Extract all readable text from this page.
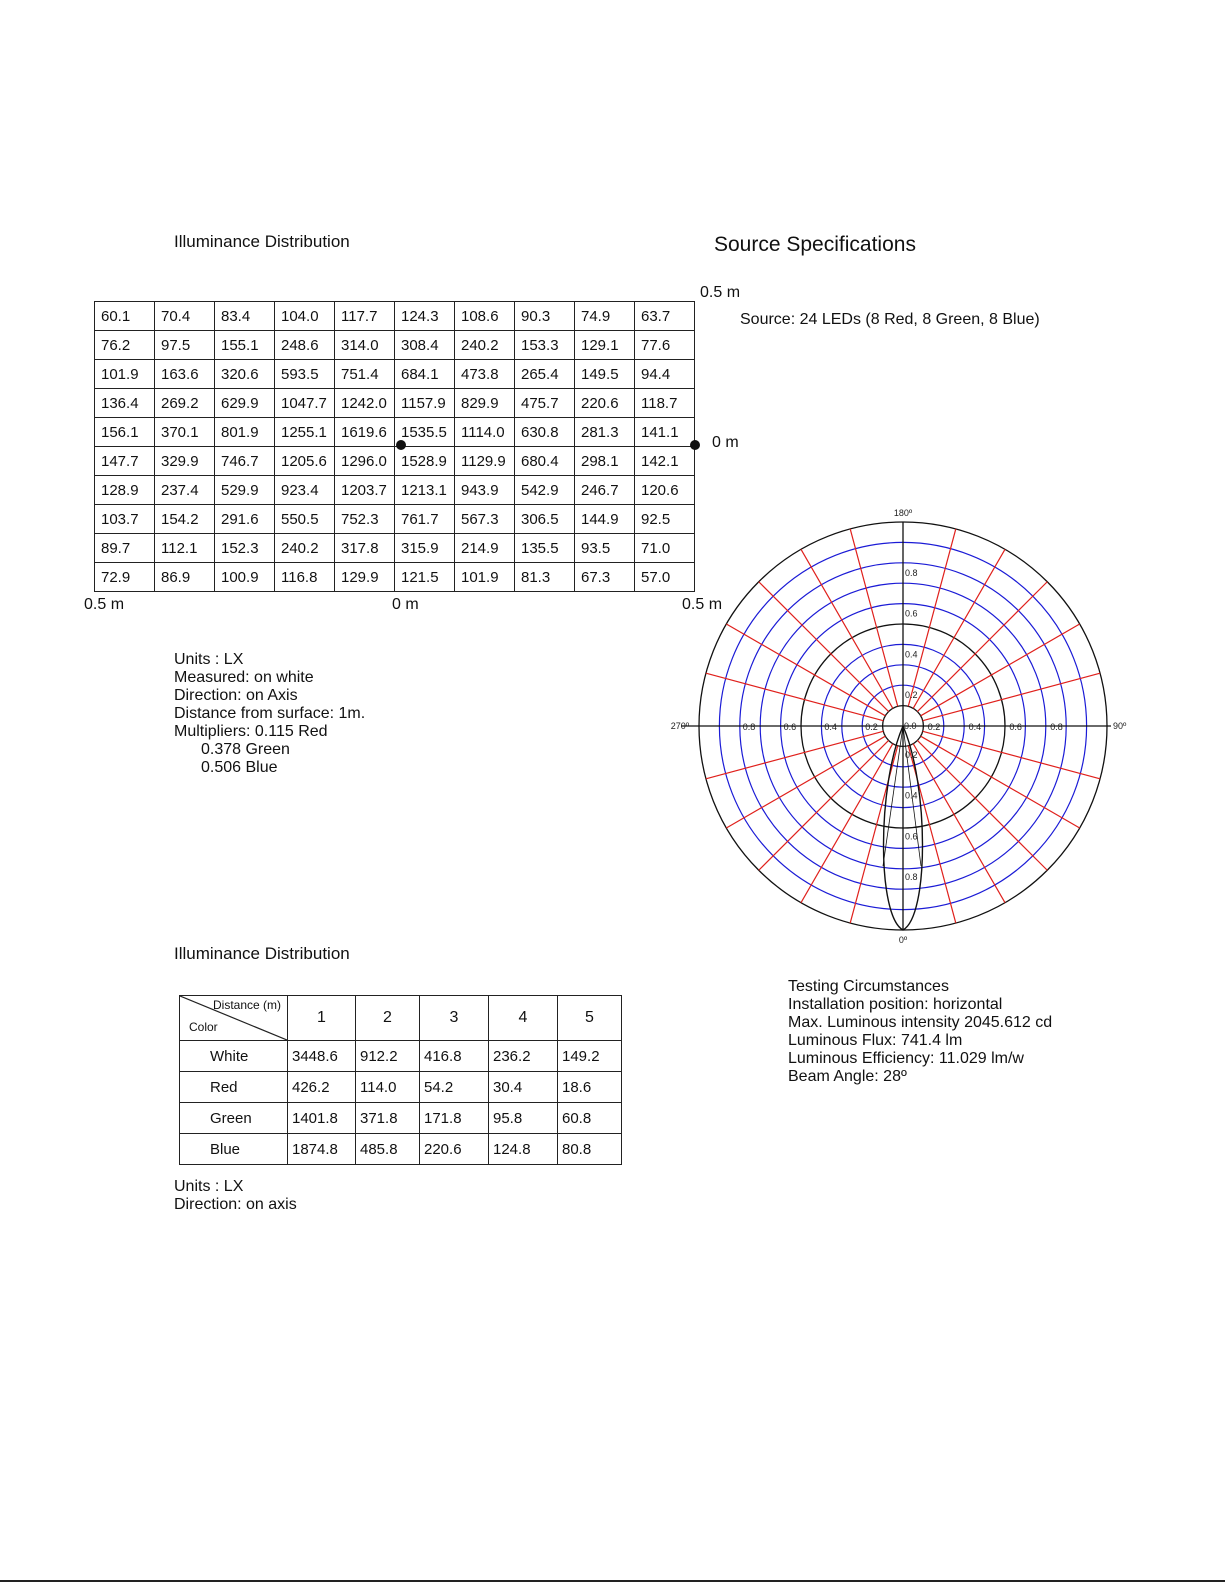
Illuminance Distribution
0.5 m
0 m
0.5 m	0 m	0.5 m
60.1	70.4	83.4	104.0	117.7	124.3	108.6	90.3	74.9	63.7
76.2	97.5	155.1	248.6	314.0	308.4	240.2	153.3	129.1	77.6
101.9	163.6	320.6	593.5	751.4	684.1	473.8	265.4	149.5	94.4
136.4	269.2	629.9	1047.7	1242.0	1157.9	829.9	475.7	220.6	118.7
156.1	370.1	801.9	1255.1	1619.6	1535.5	1114.0	630.8	281.3	141.1
147.7	329.9	746.7	1205.6	1296.0	1528.9	1129.9	680.4	298.1	142.1
128.9	237.4	529.9	923.4	1203.7	1213.1	943.9	542.9	246.7	120.6
103.7	154.2	291.6	550.5	752.3	761.7	567.3	306.5	144.9	92.5
89.7	112.1	152.3	240.2	317.8	315.9	214.9	135.5	93.5	71.0
72.9	86.9	100.9	116.8	129.9	121.5	101.9	81.3	67.3	57.0
Units : LX
Measured: on white
Direction: on Axis
Distance from surface: 1m.
Multipliers: 0.115 Red
0.378 Green
0.506 Blue
Source Specifications
Source: 24 LEDs (8 Red, 8 Green, 8 Blue)
180º
0º
270º	90º
0.0
0.2
0.2
0.2
0.2
0.4
0.4
0.4
0.4
0.6
0.6
0.6
0.6
0.8
0.8
0.8
0.8
Testing Circumstances
Installation position: horizontal
Max. Luminous intensity 2045.612 cd
Luminous Flux: 741.4 lm
Luminous Efficiency: 11.029 lm/w
Beam Angle: 28º
Illuminance Distribution
Distance (m)
Color	1	2	3	4	5
White	3448.6	912.2	416.8	236.2	149.2
Red	426.2	114.0	54.2	30.4	18.6
Green	1401.8	371.8	171.8	95.8	60.8
Blue	1874.8	485.8	220.6	124.8	80.8
Units : LX
Direction: on axis
